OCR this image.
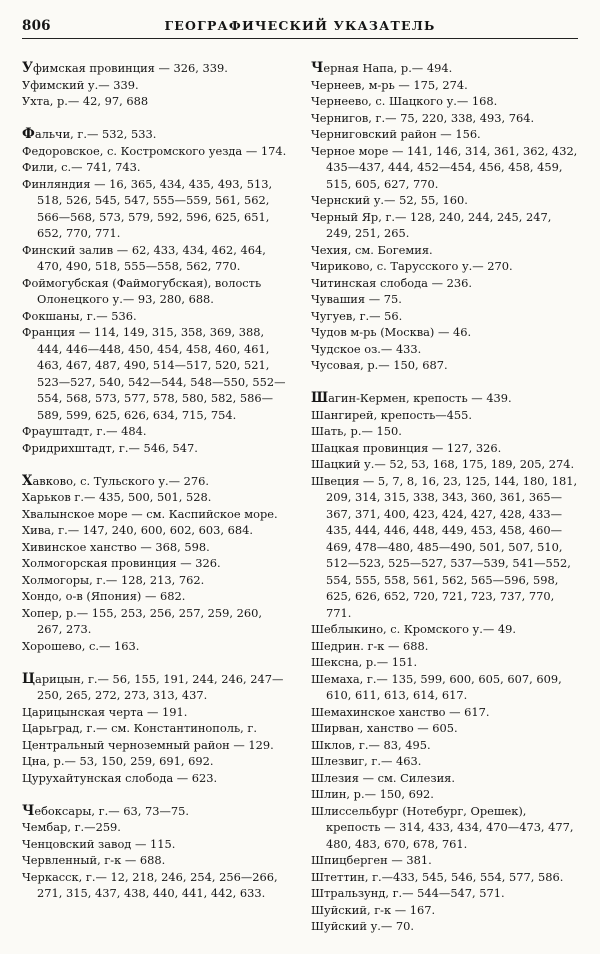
806	ГЕОГРАФИЧЕСКИЙ УКАЗАТЕЛЬ
Уфимская провинция — 326, 339.
Уфимский у.— 339.
Ухта, р.— 42, 97, 688
Фальчи, г.— 532, 533.
Федоровское, с. Костромского уезда — 174.
Фили, с.— 741, 743.
Финляндия — 16, 365, 434, 435, 493, 513, 518, 526, 545, 547, 555—559, 561, 562, 566—568, 573, 579, 592, 596, 625, 651, 652, 770, 771.
Финский залив — 62, 433, 434, 462, 464, 470, 490, 518, 555—558, 562, 770.
Фоймогубская (Файмогубская), волость Олонецкого у.— 93, 280, 688.
Фокшаны, г.— 536.
Франция — 114, 149, 315, 358, 369, 388, 444, 446—448, 450, 454, 458, 460, 461, 463, 467, 487, 490, 514—517, 520, 521, 523—527, 540, 542—544, 548—550, 552—554, 568, 573, 577, 578, 580, 582, 586—589, 599, 625, 626, 634, 715, 754.
Фрауштадт, г.— 484.
Фридрихштадт, г.— 546, 547.
Хавково, с. Тульского у.— 276.
Харьков г.— 435, 500, 501, 528.
Хвалынское море — см. Каспийское море.
Хива, г.— 147, 240, 600, 602, 603, 684.
Хивинское ханство — 368, 598.
Холмогорская провинция — 326.
Холмогоры, г.— 128, 213, 762.
Хондо, о-в (Япония) — 682.
Хопер, р.— 155, 253, 256, 257, 259, 260, 267, 273.
Хорошево, с.— 163.
Царицын, г.— 56, 155, 191, 244, 246, 247—250, 265, 272, 273, 313, 437.
Царицынская черта — 191.
Царьград, г.— см. Константинополь, г.
Центральный черноземный район — 129.
Цна, р.— 53, 150, 259, 691, 692.
Цурухайтунская слобода — 623.
Чебоксары, г.— 63, 73—75.
Чембар, г.—259.
Ченцовский завод — 115.
Червленный, г-к — 688.
Черкасск, г.— 12, 218, 246, 254, 256—266, 271, 315, 437, 438, 440, 441, 442, 633.
Черная Напа, р.— 494.
Чернеев, м-рь — 175, 274.
Чернеево, с. Шацкого у.— 168.
Чернигов, г.— 75, 220, 338, 493, 764.
Черниговский район — 156.
Черное море — 141, 146, 314, 361, 362, 432, 435—437, 444, 452—454, 456, 458, 459, 515, 605, 627, 770.
Чернский у.— 52, 55, 160.
Черный Яр, г.— 128, 240, 244, 245, 247, 249, 251, 265.
Чехия, см. Богемия.
Чириково, с. Тарусского у.— 270.
Читинская слобода — 236.
Чувашия — 75.
Чугуев, г.— 56.
Чудов м-рь (Москва) — 46.
Чудское оз.— 433.
Чусовая, р.— 150, 687.
Шагин-Кермен, крепость — 439.
Шангирей, крепость—455.
Шать, р.— 150.
Шацкая провинция — 127, 326.
Шацкий у.— 52, 53, 168, 175, 189, 205, 274.
Швеция — 5, 7, 8, 16, 23, 125, 144, 180, 181, 209, 314, 315, 338, 343, 360, 361, 365—367, 371, 400, 423, 424, 427, 428, 433—435, 444, 446, 448, 449, 453, 458, 460—469, 478—480, 485—490, 501, 507, 510, 512—523, 525—527, 537—539, 541—552, 554, 555, 558, 561, 562, 565—596, 598, 625, 626, 652, 720, 721, 723, 737, 770, 771.
Шеблыкино, с. Кромского у.— 49.
Шедрин. г-к — 688.
Шексна, р.— 151.
Шемаха, г.— 135, 599, 600, 605, 607, 609, 610, 611, 613, 614, 617.
Шемахинское ханство — 617.
Ширван, ханство — 605.
Шклов, г.— 83, 495.
Шлезвиг, г.— 463.
Шлезия — см. Силезия.
Шлин, р.— 150, 692.
Шлиссельбург (Нотебург, Орешек), крепость — 314, 433, 434, 470—473, 477, 480, 483, 670, 678, 761.
Шпицберген — 381.
Штеттин, г.—433, 545, 546, 554, 577, 586.
Штральзунд, г.— 544—547, 571.
Шуйский, г-к — 167.
Шуйский у.— 70.
